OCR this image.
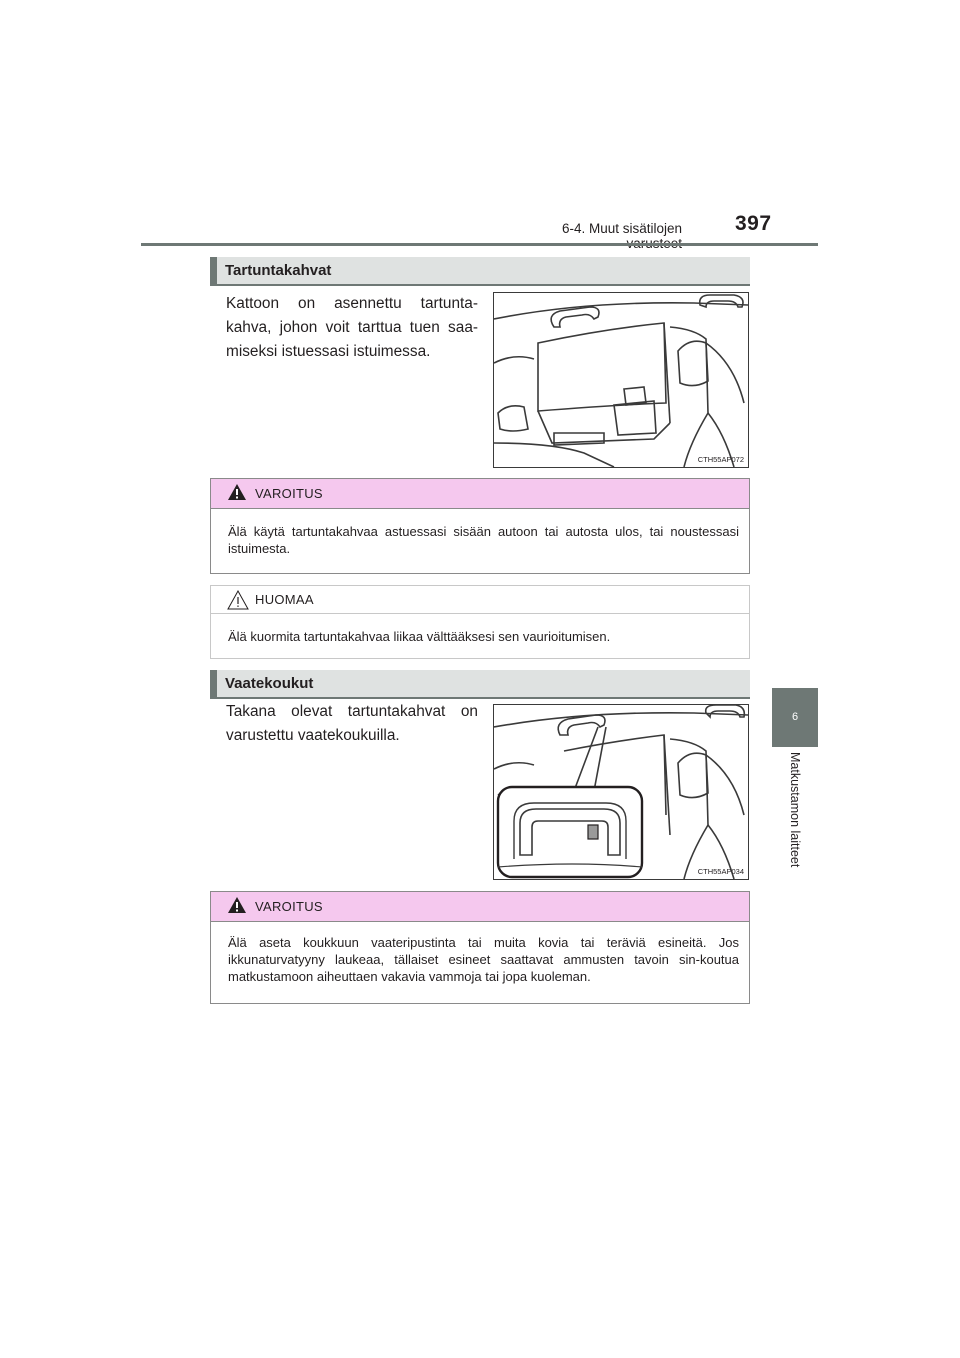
6-4. Muut sisätilojen	397
6
Matkustamon laitteet
Tartuntakahvat
Kattoon on asennettu tartunta-kahva, johon voit tarttua tuen saa-miseksi istuessasi istuimessa.
CTH55AP072
VAROITUS
Älä käytä tartuntakahvaa astuessasi sisään autoon tai autosta ulos, tai noustessasi istuimesta.
HUOMAA
Älä kuormita tartuntakahvaa liikaa välttääksesi sen vaurioitumisen.
Vaatekoukut
Takana olevat tartuntakahvat on varustettu vaatekoukuilla.
CTH55AP034
VAROITUS
Älä aseta koukkuun vaateripustinta tai muita kovia tai teräviä esineitä. Jos ikkunaturvatyyny laukeaa, tällaiset esineet saattavat ammusten tavoin sin-koutua matkustamoon aiheuttaen vakavia vammoja tai jopa kuoleman.
